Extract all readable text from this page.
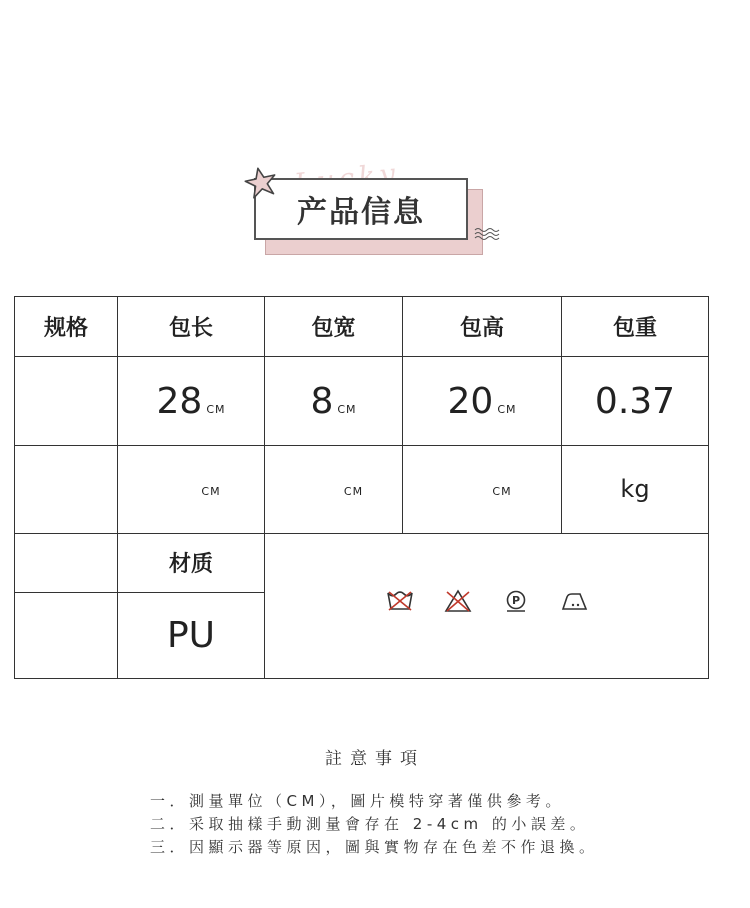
产品信息
规格	包长	包宽	包高	包重
	28 CM	8 CM	20 CM	0.37
	CM	CM	CM	kg
	材质	P		

	PU			
註意事項
一．測量單位（CM），圖片模特穿著僅供參考。
二．采取抽樣手動測量會存在 2-4cm 的小誤差。
三．因顯示器等原因，圖與實物存在色差不作退換。
